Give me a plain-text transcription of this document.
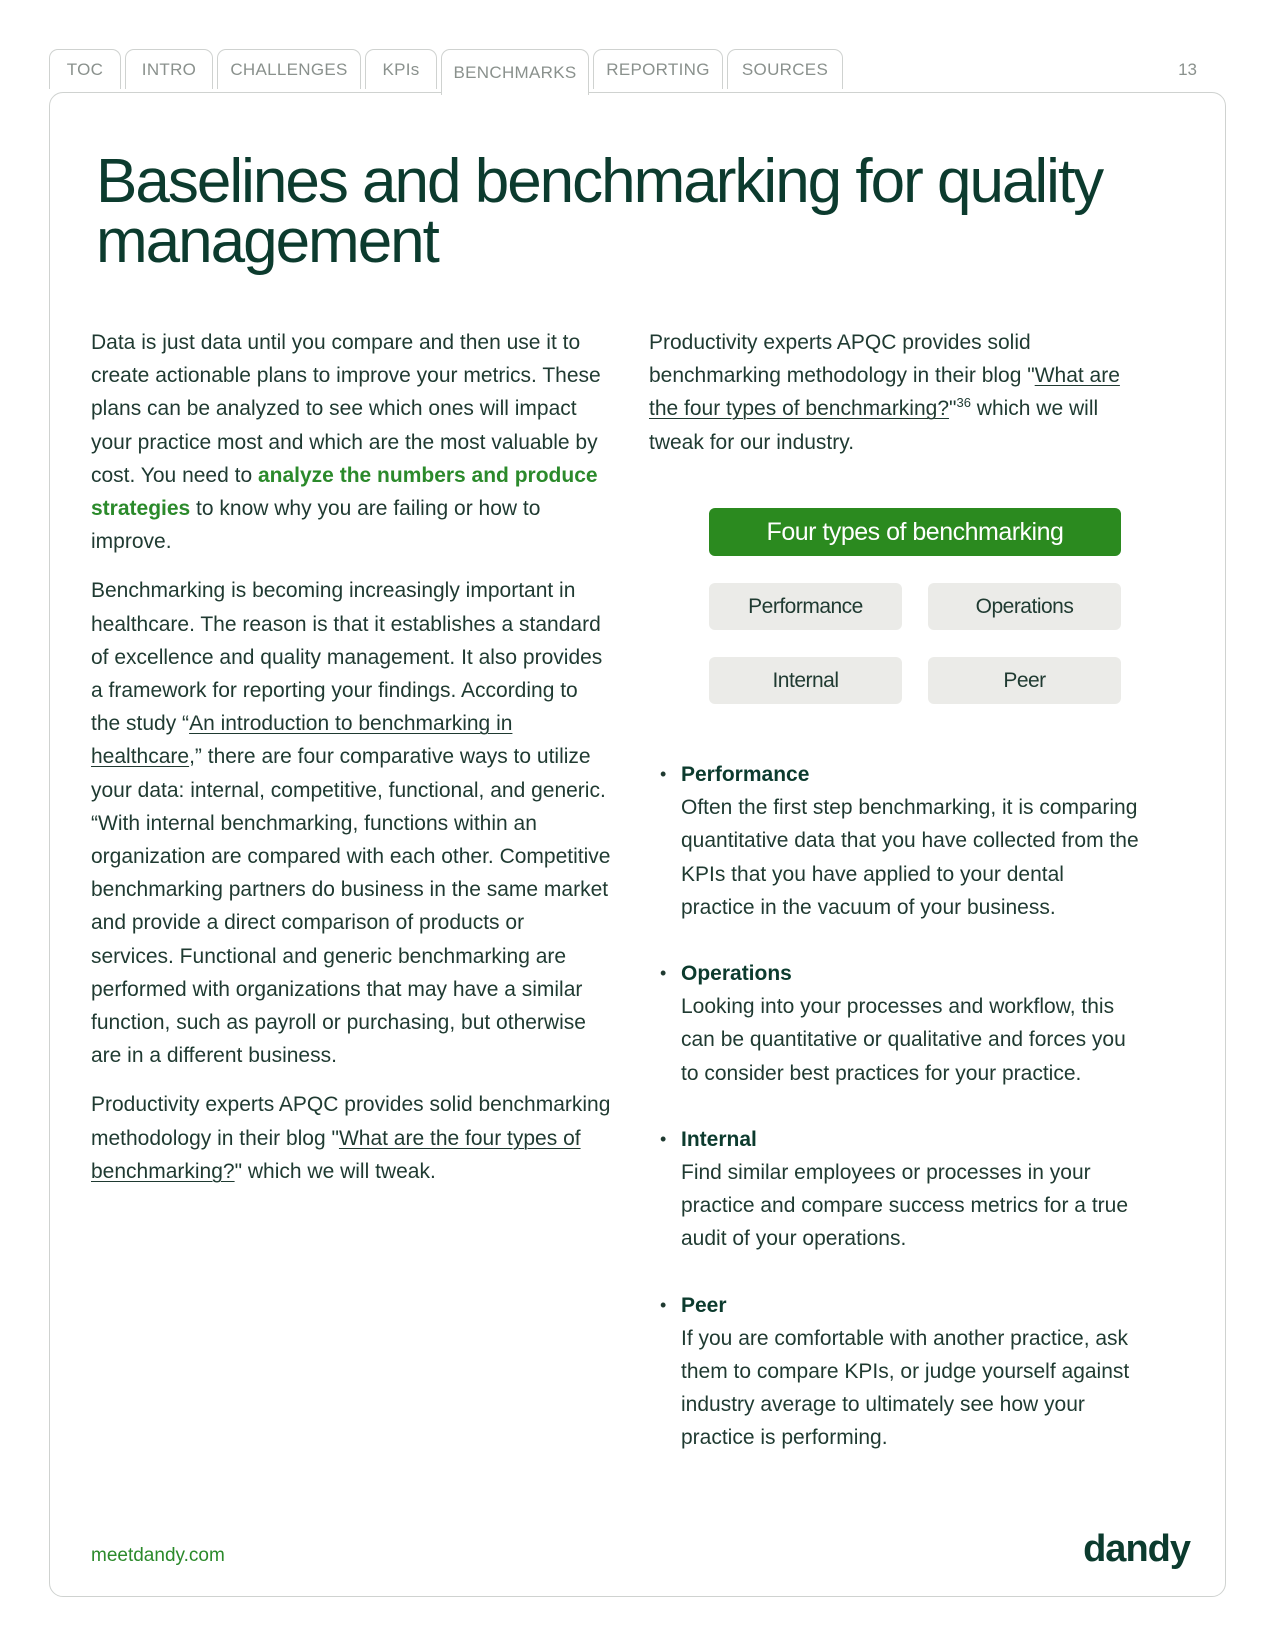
TOC INTRO CHALLENGES KPIs BENCHMARKS REPORTING SOURCES	13
Baselines and benchmarking for quality management

Data is just data until you compare and then use it to create actionable plans to improve your metrics. These plans can be analyzed to see which ones will impact your practice most and which are the most valuable by cost. You need to analyze the numbers and produce strategies to know why you are failing or how to improve.

Benchmarking is becoming increasingly important in healthcare. The reason is that it establishes a standard of excellence and quality management. It also provides a framework for reporting your findings. According to the study “An introduction to benchmarking in healthcare,” there are four comparative ways to utilize your data: internal, competitive, functional, and generic. “With internal benchmarking, functions within an organization are compared with each other. Competitive benchmarking partners do business in the same market and provide a direct comparison of products or services. Functional and generic benchmarking are performed with organizations that may have a similar function, such as payroll or purchasing, but otherwise are in a different business.

Productivity experts APQC provides solid benchmarking methodology in their blog "What are the four types of benchmarking?" which we will tweak.

Productivity experts APQC provides solid benchmarking methodology in their blog "What are the four types of benchmarking?"$^{36}$ which we will tweak for our industry.

Four types of benchmarking
Performance	Operations
Internal	Peer
• Performance
Often the first step benchmarking, it is comparing quantitative data that you have collected from the KPIs that you have applied to your dental practice in the vacuum of your business.
• Operations
Looking into your processes and workflow, this can be quantitative or qualitative and forces you to consider best practices for your practice.
• Internal
Find similar employees or processes in your practice and compare success metrics for a true audit of your operations.
• Peer
If you are comfortable with another practice, ask them to compare KPIs, or judge yourself against industry average to ultimately see how your practice is performing.
meetdandy.com	dandy
